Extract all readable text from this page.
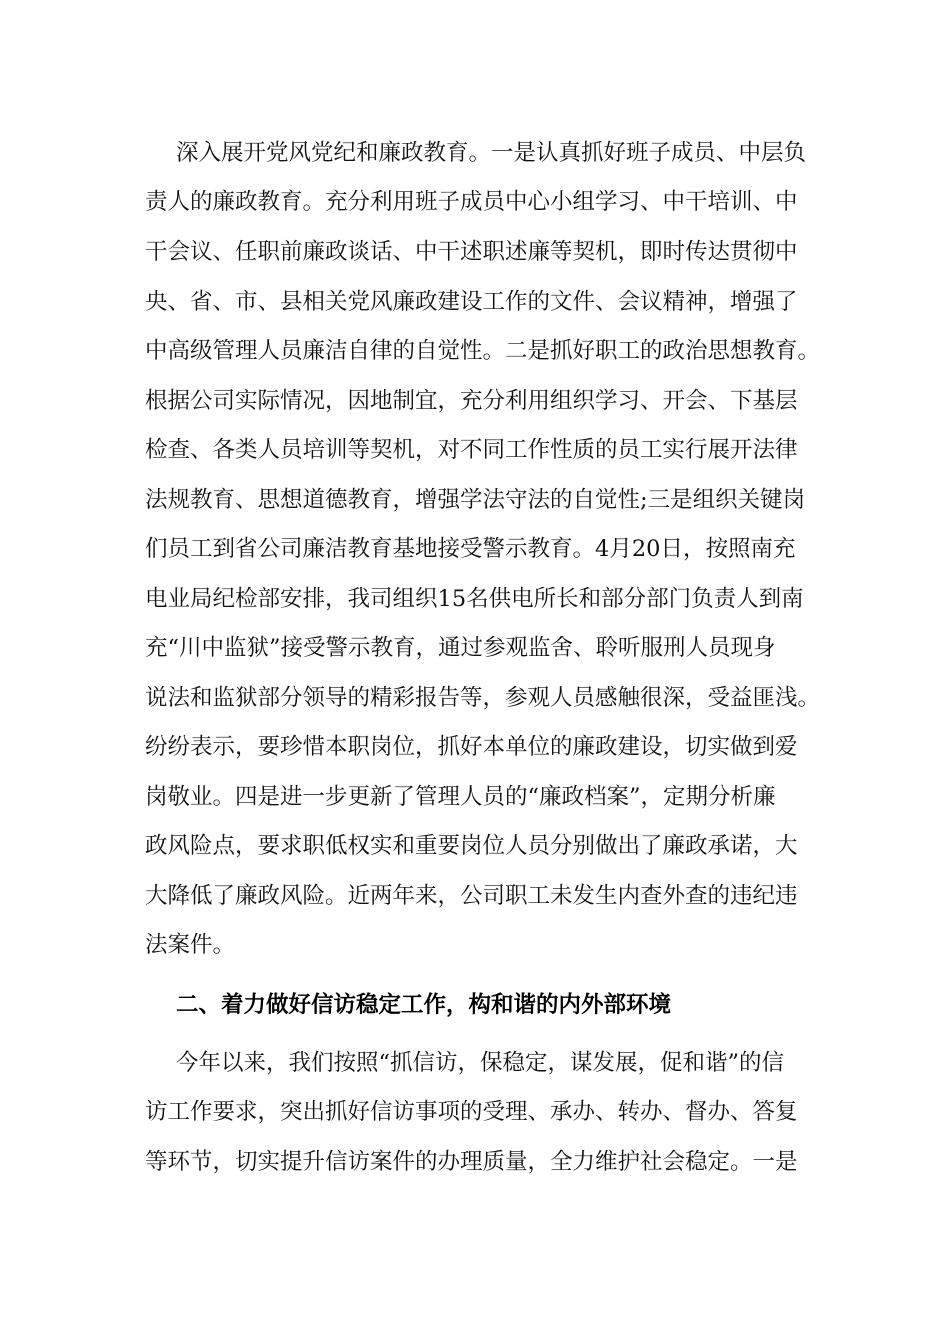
深入展开党风党纪和廉政教育。一是认真抓好班子成员、中层负
责人的廉政教育。充分利用班子成员中心小组学习、中干培训、中
干会议、任职前廉政谈话、中干述职述廉等契机，即时传达贯彻中
央、省、市、县相关党风廉政建设工作的文件、会议精神，增强了
中高级管理人员廉洁自律的自觉性。二是抓好职工的政治思想教育。
根据公司实际情况，因地制宜，充分利用组织学习、开会、下基层
检查、各类人员培训等契机，对不同工作性质的员工实行展开法律
法规教育、思想道德教育，增强学法守法的自觉性;三是组织关键岗
们员工到省公司廉洁教育基地接受警示教育。4月20日，按照南充
电业局纪检部安排，我司组织15名供电所长和部分部门负责人到南
充“川中监狱”接受警示教育，通过参观监舍、聆听服刑人员现身
说法和监狱部分领导的精彩报告等，参观人员感触很深，受益匪浅。
纷纷表示，要珍惜本职岗位，抓好本单位的廉政建设，切实做到爱
岗敬业。四是进一步更新了管理人员的“廉政档案”，定期分析廉
政风险点，要求职低权实和重要岗位人员分别做出了廉政承诺，大
大降低了廉政风险。近两年来，公司职工未发生内查外查的违纪违
法案件。
二、着力做好信访稳定工作，构和谐的内外部环境
今年以来，我们按照“抓信访，保稳定，谋发展，促和谐”的信
访工作要求，突出抓好信访事项的受理、承办、转办、督办、答复
等环节，切实提升信访案件的办理质量，全力维护社会稳定。一是
